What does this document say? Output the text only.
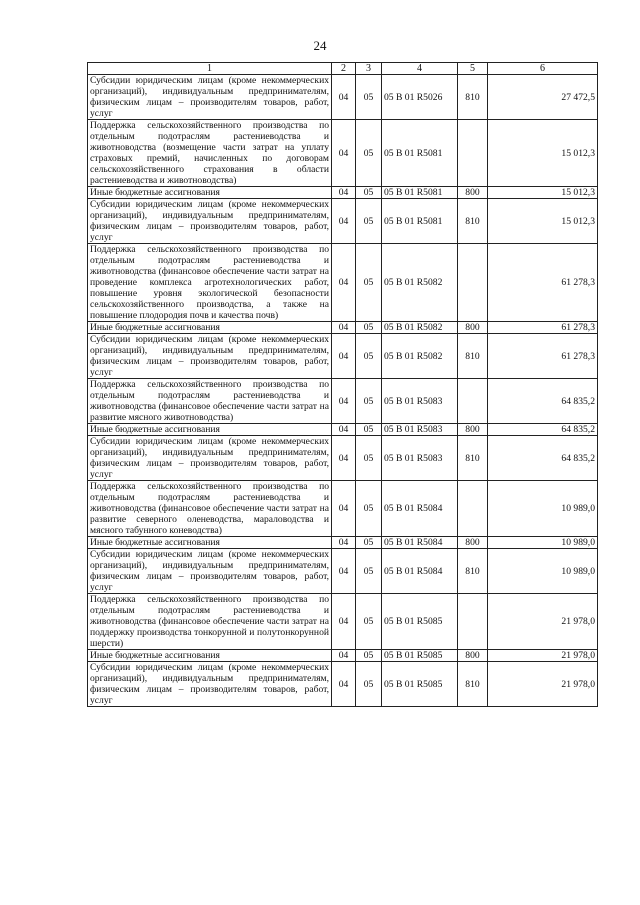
24
1	2	3	4	5	6
Субсидии юридическим лицам (кроме некоммерческих организаций), индивидуальным предпринимателям, физическим лицам – производителям товаров, работ, услуг	04	05	05 B 01 R5026	810	27 472,5
Поддержка сельскохозяйственного производства по отдельным подотраслям растениеводства и животноводства (возмещение части затрат на уплату страховых премий, начисленных по договорам сельскохозяйственного страхования в области растениеводства и животноводства)	04	05	05 B 01 R5081		15 012,3
Иные бюджетные ассигнования	04	05	05 B 01 R5081	800	15 012,3
Субсидии юридическим лицам (кроме некоммерческих организаций), индивидуальным предпринимателям, физическим лицам – производителям товаров, работ, услуг	04	05	05 B 01 R5081	810	15 012,3
Поддержка сельскохозяйственного производства по отдельным подотраслям растениеводства и животноводства (финансовое обеспечение части затрат на проведение комплекса агротехнологических работ, повышение уровня экологической безопасности сельскохозяйственного производства, а также на повышение плодородия почв и качества почв)	04	05	05 B 01 R5082		61 278,3
Иные бюджетные ассигнования	04	05	05 B 01 R5082	800	61 278,3
Субсидии юридическим лицам (кроме некоммерческих организаций), индивидуальным предпринимателям, физическим лицам – производителям товаров, работ, услуг	04	05	05 B 01 R5082	810	61 278,3
Поддержка сельскохозяйственного производства по отдельным подотраслям растениеводства и животноводства (финансовое обеспечение части затрат на развитие мясного животноводства)	04	05	05 B 01 R5083		64 835,2
Иные бюджетные ассигнования	04	05	05 B 01 R5083	800	64 835,2
Субсидии юридическим лицам (кроме некоммерческих организаций), индивидуальным предпринимателям, физическим лицам – производителям товаров, работ, услуг	04	05	05 B 01 R5083	810	64 835,2
Поддержка сельскохозяйственного производства по отдельным подотраслям растениеводства и животноводства (финансовое обеспечение части затрат на развитие северного оленеводства, мараловодства и мясного табунного коневодства)	04	05	05 B 01 R5084		10 989,0
Иные бюджетные ассигнования	04	05	05 B 01 R5084	800	10 989,0
Субсидии юридическим лицам (кроме некоммерческих организаций), индивидуальным предпринимателям, физическим лицам – производителям товаров, работ, услуг	04	05	05 B 01 R5084	810	10 989,0
Поддержка сельскохозяйственного производства по отдельным подотраслям растениеводства и животноводства (финансовое обеспечение части затрат на поддержку производства тонкорунной и полутонкорунной шерсти)	04	05	05 B 01 R5085		21 978,0
Иные бюджетные ассигнования	04	05	05 B 01 R5085	800	21 978,0
Субсидии юридическим лицам (кроме некоммерческих организаций), индивидуальным предпринимателям, физическим лицам – производителям товаров, работ, услуг	04	05	05 B 01 R5085	810	21 978,0
